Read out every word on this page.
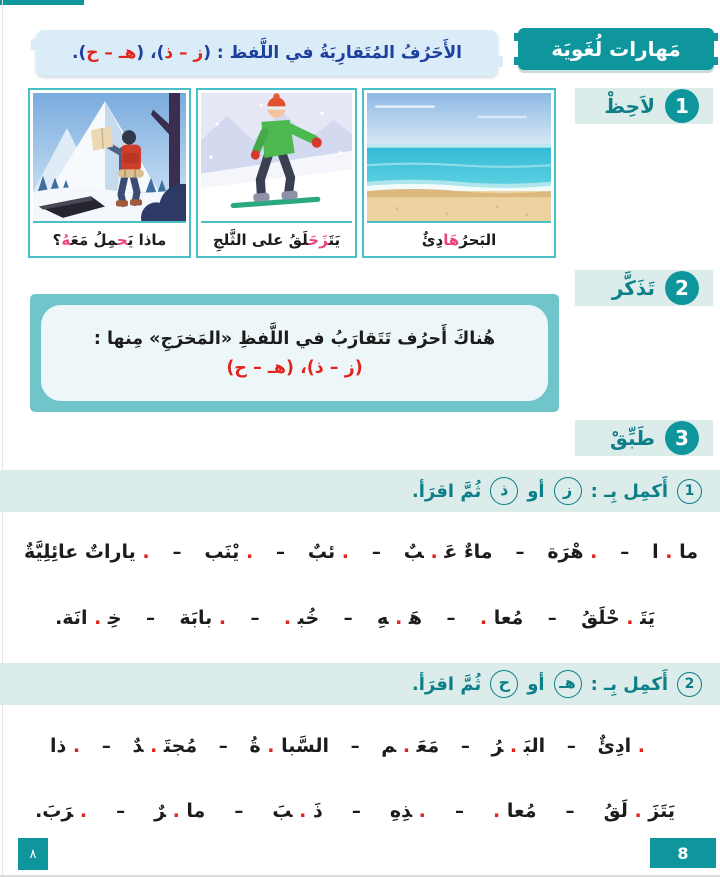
مَهارات لُغَويَة
الأَحَرُفُ المُتَقارِبَةُ في اللَّفظ : (
ز – ذ
)، (
هـ – ح
).
1
لاَحِظْ
2
تَذَكَّر
3
طَبِّقْ
ماذا يَ‍
‍ح‍
‍مِلُ مَعَ‍
‍هُ
؟	يَتَ‍
‍زَحَ‍
‍لَقُ على الثَّلجِ	البَحرُ
هَا
دِئٌ
هُناكَ أَحرُف تَتَقارَبُ في اللَّفظِ «المَخرَجِ» مِنها :
(ز – ذ)، (هـ – ح)
1
أَكمِل بِـ :
ز
أو
ذ
ثُمَّ اقرَأ.
ما . ا
–
. هْرَة
–
ماءٌ عَ‍ . ‍بٌ
–
. ئبٌ
–
. يْنَب
–
. ياراتٌ عائِلِيَّةٌ
يَتَ‍ . حْلَقُ
–
مُعا .
–
هَ‍ . ‍هِ
–
خُب‍ .
–
. بابَة
–
خِ‍ . انَة.
2
أَكمِل بِـ :
هـ
أو
ح
ثُمَّ اقرَأ.
. ادِئٌ
–
البَ‍ . ‍رُ
–
مَعَ‍ . ‍م
–
السَّبا . ةُ
–
مُجتَ‍ . ‍دٌ
–
. ذا
يَتَزَ . لَقُ
–
مُعا .
–
. ‍ذِهِ
–
ذَ . ‍بَ
–
ما . ‍رٌ
–
. ‍رَبَ.
٨	8
